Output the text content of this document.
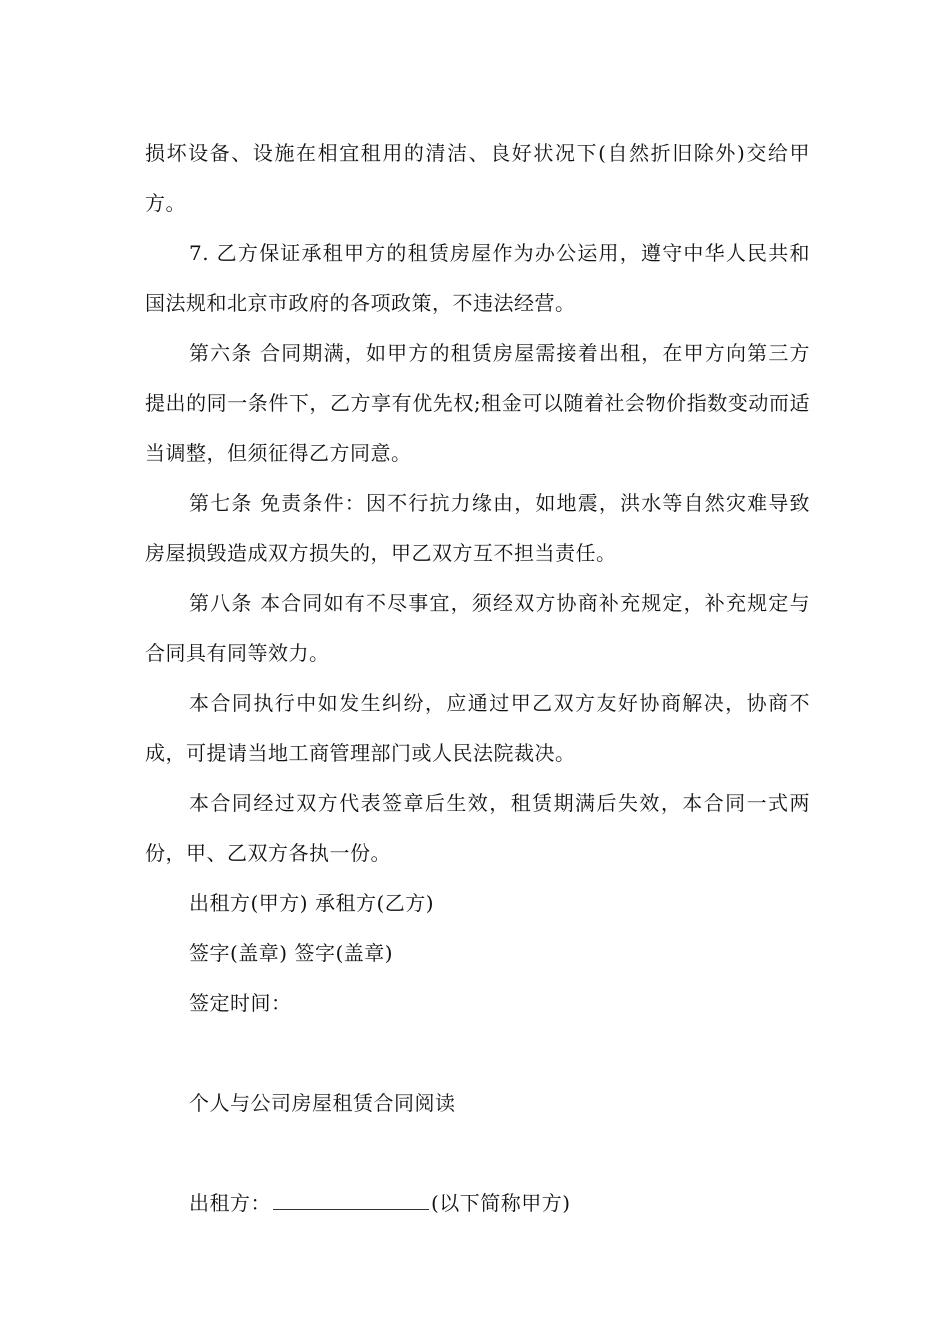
损坏设备、设施在相宜租用的清洁、良好状况下(自然折旧除外)交给甲方。

7. 乙方保证承租甲方的租赁房屋作为办公运用，遵守中华人民共和国法规和北京市政府的各项政策，不违法经营。

第六条 合同期满，如甲方的租赁房屋需接着出租，在甲方向第三方提出的同一条件下，乙方享有优先权;租金可以随着社会物价指数变动而适当调整，但须征得乙方同意。

第七条 免责条件：因不行抗力缘由，如地震，洪水等自然灾难导致房屋损毁造成双方损失的，甲乙双方互不担当责任。

第八条 本合同如有不尽事宜，须经双方协商补充规定，补充规定与合同具有同等效力。

本合同执行中如发生纠纷，应通过甲乙双方友好协商解决，协商不成，可提请当地工商管理部门或人民法院裁决。

本合同经过双方代表签章后生效，租赁期满后失效，本合同一式两份，甲、乙双方各执一份。

出租方(甲方) 承租方(乙方)

签字(盖章) 签字(盖章)

签定时间：

个人与公司房屋租赁合同阅读

出租方：	(以下简称甲方)
